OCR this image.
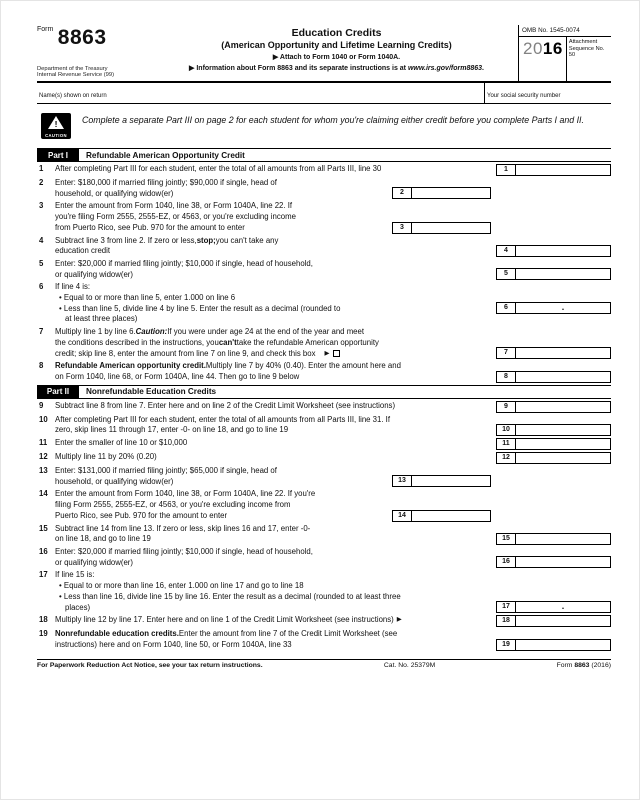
$^{Form}$ 8863
Department of the Treasury
Internal Revenue Service (99)
Education Credits
(American Opportunity and Lifetime Learning Credits)
▶ Attach to Form 1040 or Form 1040A.
▶ Information about Form 8863 and its separate instructions is at www.irs.gov/form8863.
OMB No. 1545-0074
2016	Attachment
Sequence No. 50
Name(s) shown on return	Your social security number
!
CAUTION
Complete a separate Part III on page 2 for each student for whom you're claiming either credit before you complete Parts I and II.
Part I	Refundable American Opportunity Credit
1 After completing Part III for each student, enter the total of all amounts from all Parts III, line 30	1
2 Enter: $180,000 if married filing jointly; $90,000 if single, head of
household, or qualifying widow(er)	2
3 Enter the amount from Form 1040, line 38, or Form 1040A, line 22. If
you're filing Form 2555, 2555-EZ, or 4563, or you're excluding income
from Puerto Rico, see Pub. 970 for the amount to enter	3
4 Subtract line 3 from line 2. If zero or less, stop; you can't take any
education credit	4
5 Enter: $20,000 if married filing jointly; $10,000 if single, head of household,
or qualifying widow(er)	5
6 If line 4 is:
• Equal to or more than line 5, enter 1.000 on line 6
• Less than line 5, divide line 4 by line 5. Enter the result as a decimal (rounded to
at least three places)
6	.
7 Multiply line 1 by line 6. Caution: If you were under age 24 at the end of the year and meet
the conditions described in the instructions, you can't take the refundable American opportunity
credit; skip line 8, enter the amount from line 7 on line 9, and check this box ▶	7
8 Refundable American opportunity credit. Multiply line 7 by 40% (0.40). Enter the amount here and
on Form 1040, line 68, or Form 1040A, line 44. Then go to line 9 below	8
Part II	Nonrefundable Education Credits
9 Subtract line 8 from line 7. Enter here and on line 2 of the Credit Limit Worksheet (see instructions)	9
10 After completing Part III for each student, enter the total of all amounts from all Parts III, line 31. If
zero, skip lines 11 through 17, enter -0- on line 18, and go to line 19	10
11 Enter the smaller of line 10 or $10,000	11
12 Multiply line 11 by 20% (0.20)	12
13 Enter: $131,000 if married filing jointly; $65,000 if single, head of
household, or qualifying widow(er)	13
14 Enter the amount from Form 1040, line 38, or Form 1040A, line 22. If you're
filing Form 2555, 2555-EZ, or 4563, or you're excluding income from
Puerto Rico, see Pub. 970 for the amount to enter	14
15 Subtract line 14 from line 13. If zero or less, skip lines 16 and 17, enter -0-
on line 18, and go to line 19	15
16 Enter: $20,000 if married filing jointly; $10,000 if single, head of household,
or qualifying widow(er)	16
17 If line 15 is:
• Equal to or more than line 16, enter 1.000 on line 17 and go to line 18
• Less than line 16, divide line 15 by line 16. Enter the result as a decimal (rounded to at least three
places)	17	.
18 Multiply line 12 by line 17. Enter here and on line 1 of the Credit Limit Worksheet (see instructions) ▶	18
19 Nonrefundable education credits. Enter the amount from line 7 of the Credit Limit Worksheet (see
instructions) here and on Form 1040, line 50, or Form 1040A, line 33	19
For Paperwork Reduction Act Notice, see your tax return instructions.	Cat. No. 25379M	Form 8863 (2016)
